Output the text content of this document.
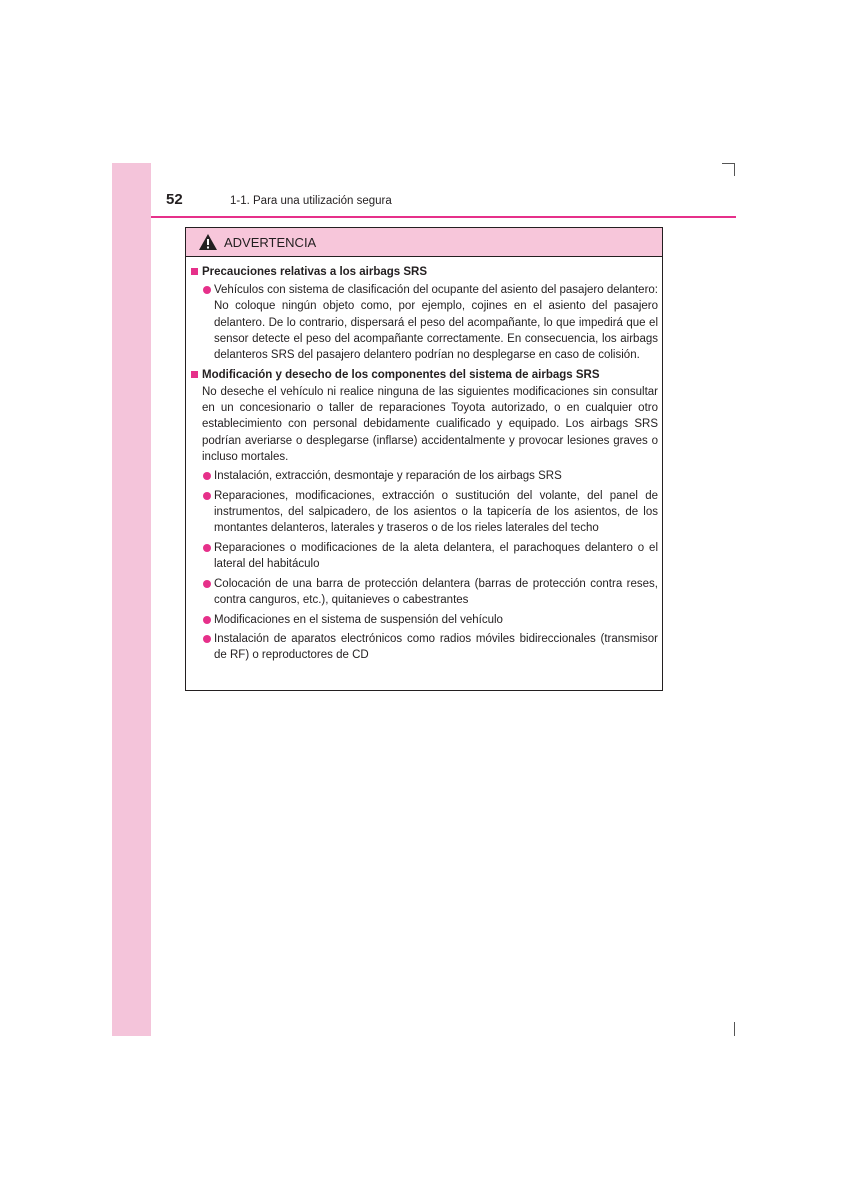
52	1-1. Para una utilización segura
ADVERTENCIA
Precauciones relativas a los airbags SRS
Vehículos con sistema de clasificación del ocupante del asiento del pasajero delantero: No coloque ningún objeto como, por ejemplo, cojines en el asiento del pasajero delantero. De lo contrario, dispersará el peso del acompañante, lo que impedirá que el sensor detecte el peso del acompañante correctamente. En consecuencia, los airbags delanteros SRS del pasajero delantero podrían no desplegarse en caso de colisión.
Modificación y desecho de los componentes del sistema de airbags SRS
No deseche el vehículo ni realice ninguna de las siguientes modificaciones sin consultar en un concesionario o taller de reparaciones Toyota autorizado, o en cualquier otro establecimiento con personal debidamente cualificado y equipado. Los airbags SRS podrían averiarse o desplegarse (inflarse) accidentalmente y provocar lesiones graves o incluso mortales.
Instalación, extracción, desmontaje y reparación de los airbags SRS
Reparaciones, modificaciones, extracción o sustitución del volante, del panel de instrumentos, del salpicadero, de los asientos o la tapicería de los asientos, de los montantes delanteros, laterales y traseros o de los rieles laterales del techo
Reparaciones o modificaciones de la aleta delantera, el parachoques delantero o el lateral del habitáculo
Colocación de una barra de protección delantera (barras de protección contra reses, contra canguros, etc.), quitanieves o cabestrantes
Modificaciones en el sistema de suspensión del vehículo
Instalación de aparatos electrónicos como radios móviles bidireccionales (transmisor de RF) o reproductores de CD
